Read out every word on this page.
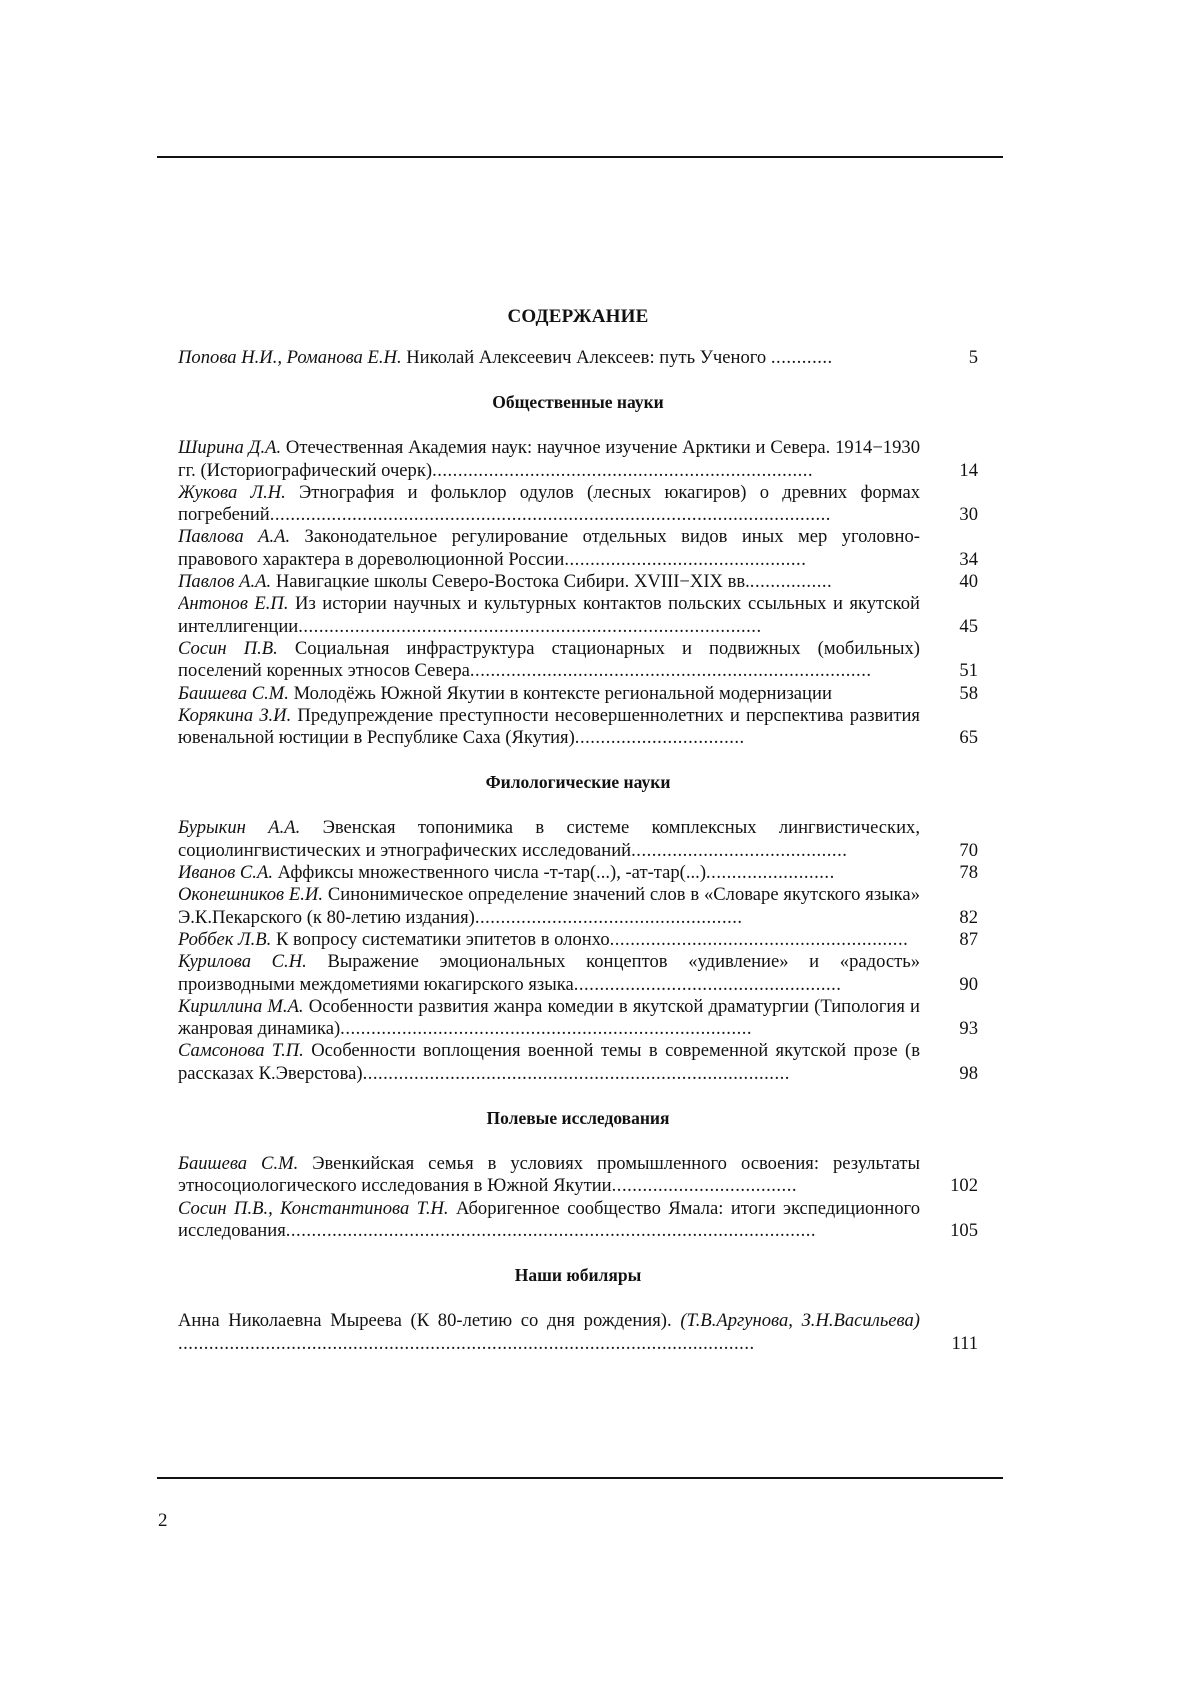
СОДЕРЖАНИЕ
Попова Н.И., Романова Е.Н. Николай Алексеевич Алексеев: путь Ученого ............	5
Общественные науки
Ширина Д.А. Отечественная Академия наук: научное изучение Арктики и Севера. 1914−1930 гг. (Историографический очерк)..........................................................................	14
Жукова Л.Н. Этнография и фольклор одулов (лесных юкагиров) о древних формах погребений.............................................................................................................	30
Павлова А.А. Законодательное регулирование отдельных видов иных мер уголовно-правового характера в дореволюционной России...............................................	34
Павлов А.А. Навигацкие школы Северо-Востока Сибири. XVIII−XIX вв.................	40
Антонов Е.П. Из истории научных и культурных контактов польских ссыльных и якутской интеллигенции..........................................................................................	45
Сосин П.В. Социальная инфраструктура стационарных и подвижных (мобильных) поселений коренных этносов Севера..............................................................................	51
Баишева С.М. Молодёжь Южной Якутии в контексте региональной модернизации	58
Корякина З.И. Предупреждение преступности несовершеннолетних и перспектива развития ювенальной юстиции в Республике Саха (Якутия).................................	65
Филологические науки
Бурыкин А.А. Эвенская топонимика в системе комплексных лингвистических, социолингвистических и этнографических исследований..........................................	70
Иванов С.А. Аффиксы множественного числа -т-тар(...), -ат-тар(...).........................	78
Оконешников Е.И. Синонимическое определение значений слов в «Словаре якутского языка» Э.К.Пекарского (к 80-летию издания)....................................................	82
Роббек Л.В. К вопросу систематики эпитетов в олонхо..........................................................	87
Курилова С.Н. Выражение эмоциональных концептов «удивление» и «радость» производными междометиями юкагирского языка....................................................	90
Кириллина М.А. Особенности развития жанра комедии в якутской драматургии (Типология и жанровая динамика)................................................................................	93
Самсонова Т.П. Особенности воплощения военной темы в современной якутской прозе (в рассказах К.Эверстова)...................................................................................	98
Полевые исследования
Баишева С.М. Эвенкийская семья в условиях промышленного освоения: результаты этносоциологического исследования в Южной Якутии....................................	102
Сосин П.В., Константинова Т.Н. Аборигенное сообщество Ямала: итоги экспедиционного исследования.......................................................................................................	105
Наши юбиляры
Анна Николаевна Мыреева (К 80-летию со дня рождения). (Т.В.Аргунова, З.Н.Васильева) ................................................................................................................	111
2
